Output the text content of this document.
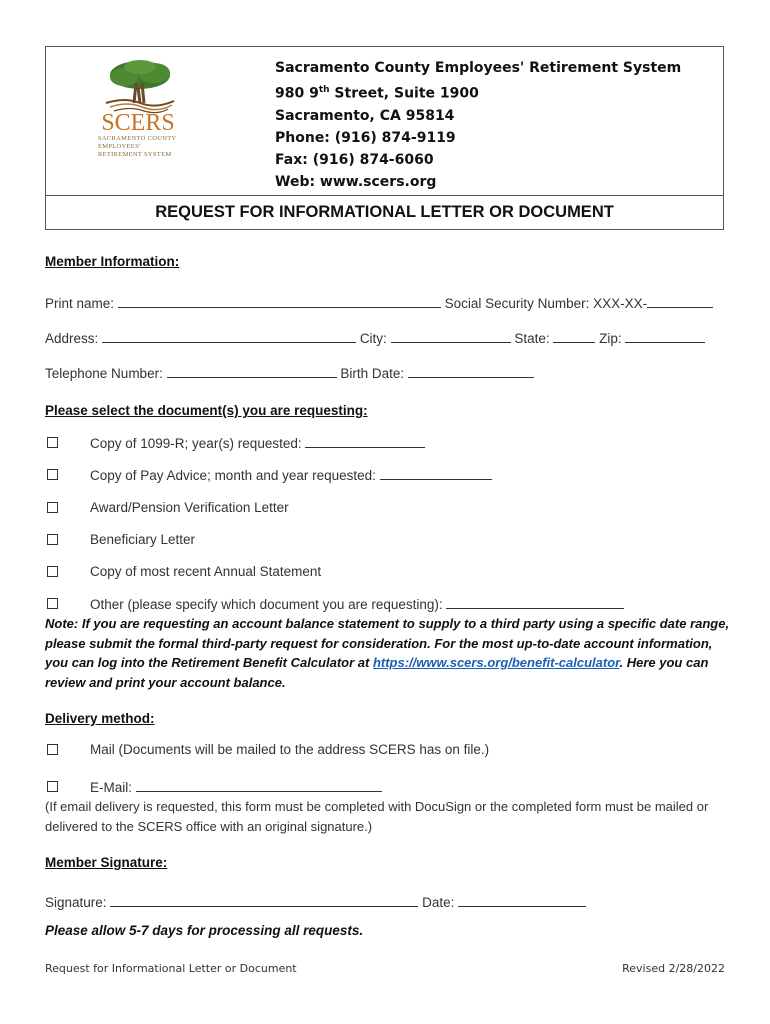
SCERS
SACRAMENTO COUNTY
EMPLOYEES'
RETIREMENT SYSTEM
Sacramento County Employees' Retirement System
980 9th Street, Suite 1900
Sacramento, CA 95814
Phone: (916) 874-9119
Fax: (916) 874-6060
Web: www.scers.org
REQUEST FOR INFORMATIONAL LETTER OR DOCUMENT
Member Information:
Print name:	Social Security Number: XXX-XX-
Address:	City:	State:	Zip:
Telephone Number:	Birth Date:
Please select the document(s) you are requesting:
Copy of 1099-R; year(s) requested:
Copy of Pay Advice; month and year requested:
Award/Pension Verification Letter
Beneficiary Letter
Copy of most recent Annual Statement
Other (please specify which document you are requesting):
Note: If you are requesting an account balance statement to supply to a third party using a specific date range, please submit the formal third-party request for consideration. For the most up-to-date account information, you can log into the Retirement Benefit Calculator at https://www.scers.org/benefit-calculator. Here you can review and print your account balance.
Delivery method:
Mail (Documents will be mailed to the address SCERS has on file.)
E-Mail:
(If email delivery is requested, this form must be completed with DocuSign or the completed form must be mailed or delivered to the SCERS office with an original signature.)
Member Signature:
Signature:	Date:
Please allow 5-7 days for processing all requests.
Request for Informational Letter or Document	Revised 2/28/2022
